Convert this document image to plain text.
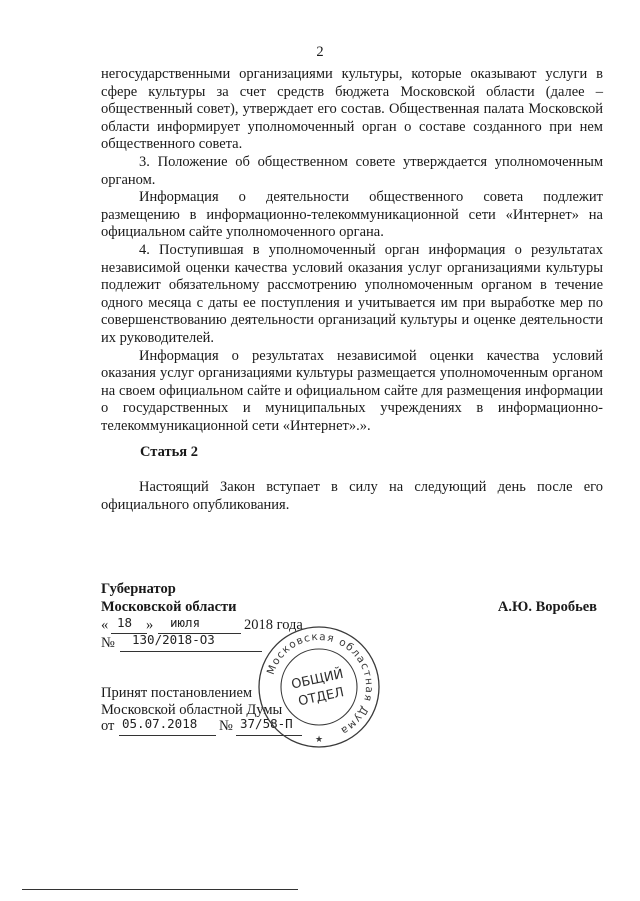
2

негосударственными организациями культуры, которые оказывают услуги в сфере культуры за счет средств бюджета Московской области (далее – общественный совет), утверждает его состав. Общественная палата Московской области информирует уполномоченный орган о составе созданного при нем общественного совета.

3. Положение об общественном совете утверждается уполномоченным органом.

Информация о деятельности общественного совета подлежит размещению в информационно-телекоммуникационной сети «Интернет» на официальном сайте уполномоченного органа.

4. Поступившая в уполномоченный орган информация о результатах независимой оценки качества условий оказания услуг организациями культуры подлежит обязательному рассмотрению уполномоченным органом в течение одного месяца с даты ее поступления и учитывается им при выработке мер по совершенствованию деятельности организаций культуры и оценке деятельности их руководителей.

Информация о результатах независимой оценки качества условий оказания услуг организациями культуры размещается уполномоченным органом на своем официальном сайте и официальном сайте для размещения информации о государственных и муниципальных учреждениях в информационно-телекоммуникационной сети «Интернет».».

Статья 2

Настоящий Закон вступает в силу на следующий день после его официального опубликования.

Губернатор
Московской области	А.Ю. Воробьев
« 18 » июля	2018 года
№ 130/2018-ОЗ
Принят постановлением
Московской областной Думы
от 05.07.2018 № 37/58-П
Московская областная Дума
ОБЩИЙ
ОТДЕЛ
★
